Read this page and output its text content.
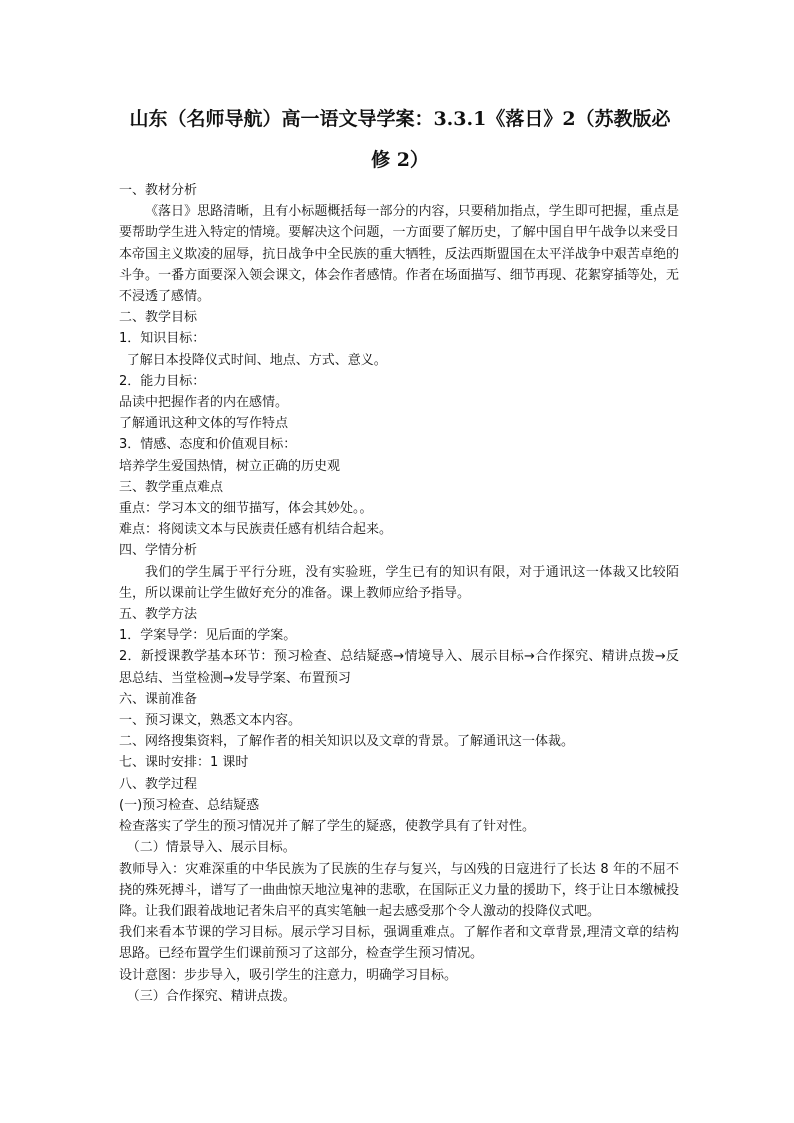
山东（名师导航）高一语文导学案：3.3.1《落日》2（苏教版必
修 2）

一、教材分析

《落日》思路清晰，且有小标题概括每一部分的内容，只要稍加指点，学生即可把握，重点是要帮助学生进入特定的情境。要解决这个问题，一方面要了解历史，了解中国自甲午战争以来受日本帝国主义欺凌的屈辱，抗日战争中全民族的重大牺牲，反法西斯盟国在太平洋战争中艰苦卓绝的斗争。一番方面要深入领会课文，体会作者感情。作者在场面描写、细节再现、花絮穿插等处，无不浸透了感情。

二、教学目标

1．知识目标：

了解日本投降仪式时间、地点、方式、意义。

2．能力目标：

品读中把握作者的内在感情。

了解通讯这种文体的写作特点

3．情感、态度和价值观目标：

培养学生爱国热情，树立正确的历史观

三、教学重点难点

重点：学习本文的细节描写，体会其妙处。。

难点：将阅读文本与民族责任感有机结合起来。

四、学情分析

我们的学生属于平行分班，没有实验班，学生已有的知识有限，对于通讯这一体裁又比较陌生，所以课前让学生做好充分的准备。课上教师应给予指导。

五、教学方法

1．学案导学：见后面的学案。

2．新授课教学基本环节：预习检查、总结疑惑→情境导入、展示目标→合作探究、精讲点拨→反思总结、当堂检测→发导学案、布置预习

六、课前准备

一、预习课文，熟悉文本内容。

二、网络搜集资料，了解作者的相关知识以及文章的背景。了解通讯这一体裁。

七、课时安排：1 课时

八、教学过程

(一)预习检查、总结疑惑

检查落实了学生的预习情况并了解了学生的疑惑，使教学具有了针对性。

（二）情景导入、展示目标。

教师导入：灾难深重的中华民族为了民族的生存与复兴，与凶残的日寇进行了长达 8 年的不屈不挠的殊死搏斗，谱写了一曲曲惊天地泣鬼神的悲歌，在国际正义力量的援助下，终于让日本缴械投降。让我们跟着战地记者朱启平的真实笔触一起去感受那个令人激动的投降仪式吧。

我们来看本节课的学习目标。展示学习目标，强调重难点。了解作者和文章背景,理清文章的结构思路。已经布置学生们课前预习了这部分，检查学生预习情况。

设计意图：步步导入，吸引学生的注意力，明确学习目标。

（三）合作探究、精讲点拨。
